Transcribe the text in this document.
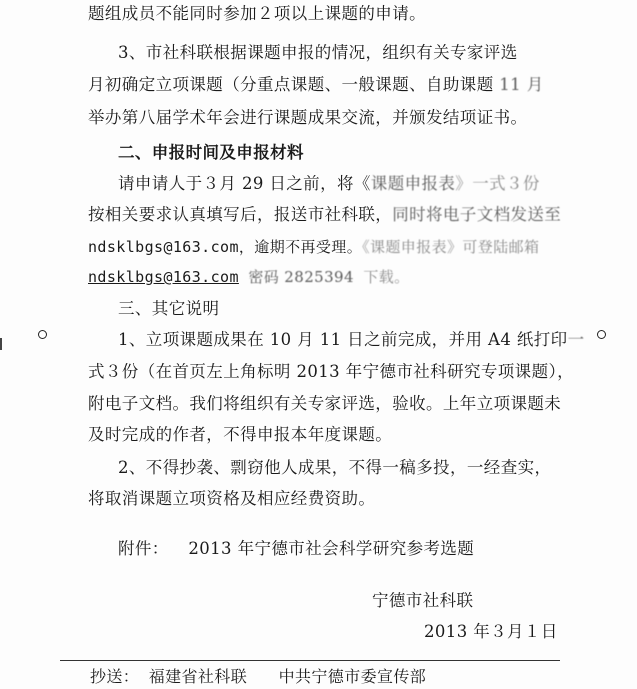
题组成员不能同时参加２项以上课题的申请。
3、市社科联根据课题申报的情况，组织有关专家评选
月初确定立项课题（分重点课题、一般课题、自助课题 11 月
举办第八届学术年会进行课题成果交流，并颁发结项证书。
二、申报时间及申报材料
请申请人于３月 29 日之前，将《课题申报表》一式３份
按相关要求认真填写后，报送市社科联，同时将电子文档发送至
ndsklbgs@163.com，逾期不再受理。《课题申报表》可登陆邮箱
ndsklbgs@163.com 密码 2825394 下载。
三、其它说明
1、立项课题成果在 10 月 11 日之前完成，并用 A4 纸打印一
式３份（在首页左上角标明 2013 年宁德市社科研究专项课题），
附电子文档。我们将组织有关专家评选，验收。上年立项课题未
及时完成的作者，不得申报本年度课题。
2、不得抄袭、剽窃他人成果，不得一稿多投，一经查实，
将取消课题立项资格及相应经费资助。
附件： 2013 年宁德市社会科学研究参考选题
宁德市社科联
2013 年３月１日
抄送： 福建省社科联 中共宁德市委宣传部
